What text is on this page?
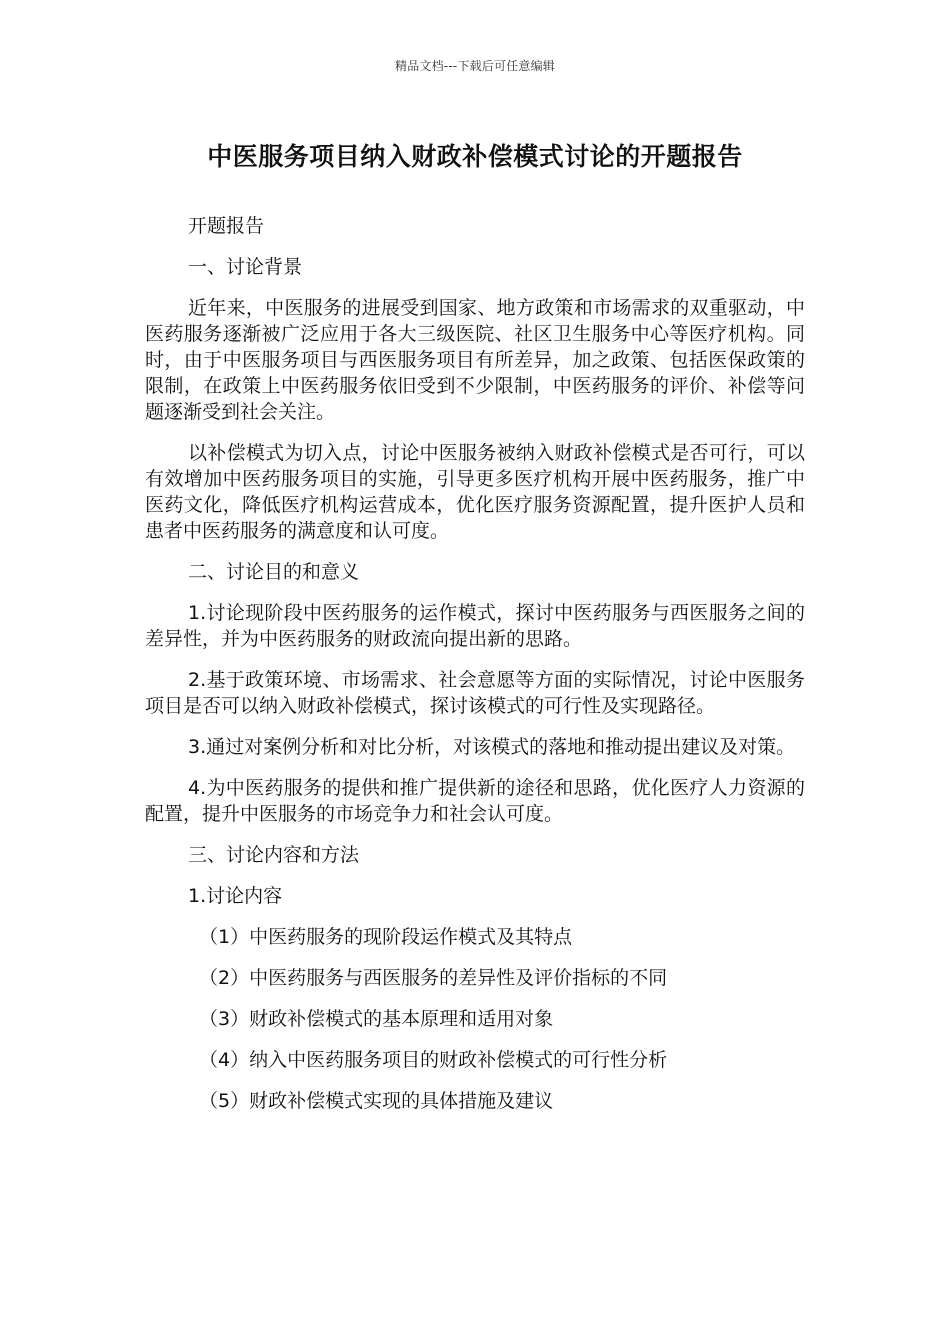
精品文档---下载后可任意编辑
中医服务项目纳入财政补偿模式讨论的开题报告

开题报告

一、讨论背景

近年来，中医服务的进展受到国家、地方政策和市场需求的双重驱动，中医药服务逐渐被广泛应用于各大三级医院、社区卫生服务中心等医疗机构。同时，由于中医服务项目与西医服务项目有所差异，加之政策、包括医保政策的限制，在政策上中医药服务依旧受到不少限制，中医药服务的评价、补偿等问题逐渐受到社会关注。

以补偿模式为切入点，讨论中医服务被纳入财政补偿模式是否可行，可以有效增加中医药服务项目的实施，引导更多医疗机构开展中医药服务，推广中医药文化，降低医疗机构运营成本，优化医疗服务资源配置，提升医护人员和患者中医药服务的满意度和认可度。

二、讨论目的和意义

1.讨论现阶段中医药服务的运作模式，探讨中医药服务与西医服务之间的差异性，并为中医药服务的财政流向提出新的思路。

2.基于政策环境、市场需求、社会意愿等方面的实际情况，讨论中医服务项目是否可以纳入财政补偿模式，探讨该模式的可行性及实现路径。

3.通过对案例分析和对比分析，对该模式的落地和推动提出建议及对策。

4.为中医药服务的提供和推广提供新的途径和思路，优化医疗人力资源的配置，提升中医服务的市场竞争力和社会认可度。

三、讨论内容和方法

1.讨论内容

（1）中医药服务的现阶段运作模式及其特点
（2）中医药服务与西医服务的差异性及评价指标的不同
（3）财政补偿模式的基本原理和适用对象
（4）纳入中医药服务项目的财政补偿模式的可行性分析
（5）财政补偿模式实现的具体措施及建议
